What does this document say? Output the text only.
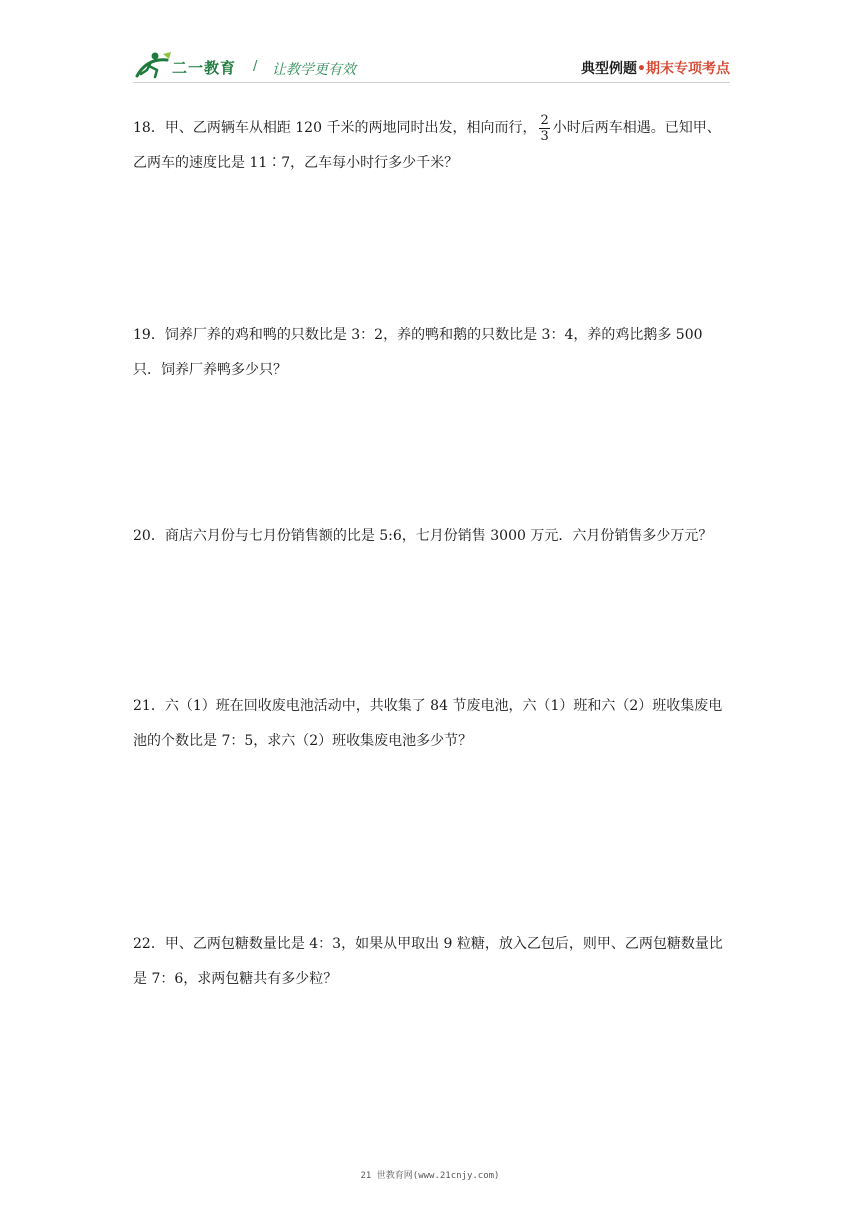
二一教育 / 让教学更有效	典型例题•期末专项考点
18．甲、乙两辆车从相距 120 千米的两地同时出发，相向而行， $\frac{2}{3}$ 小时后两车相遇。已知甲、乙两车的速度比是 11∶7，乙车每小时行多少千米？
19．饲养厂养的鸡和鸭的只数比是 3：2，养的鸭和鹅的只数比是 3：4，养的鸡比鹅多 500 只．饲养厂养鸭多少只？
20．商店六月份与七月份销售额的比是 5:6，七月份销售 3000 万元．六月份销售多少万元？
21．六（1）班在回收废电池活动中，共收集了 84 节废电池，六（1）班和六（2）班收集废电池的个数比是 7：5，求六（2）班收集废电池多少节？
22．甲、乙两包糖数量比是 4：3，如果从甲取出 9 粒糖，放入乙包后，则甲、乙两包糖数量比是 7：6，求两包糖共有多少粒？
21 世教育网(www.21cnjy.com)
